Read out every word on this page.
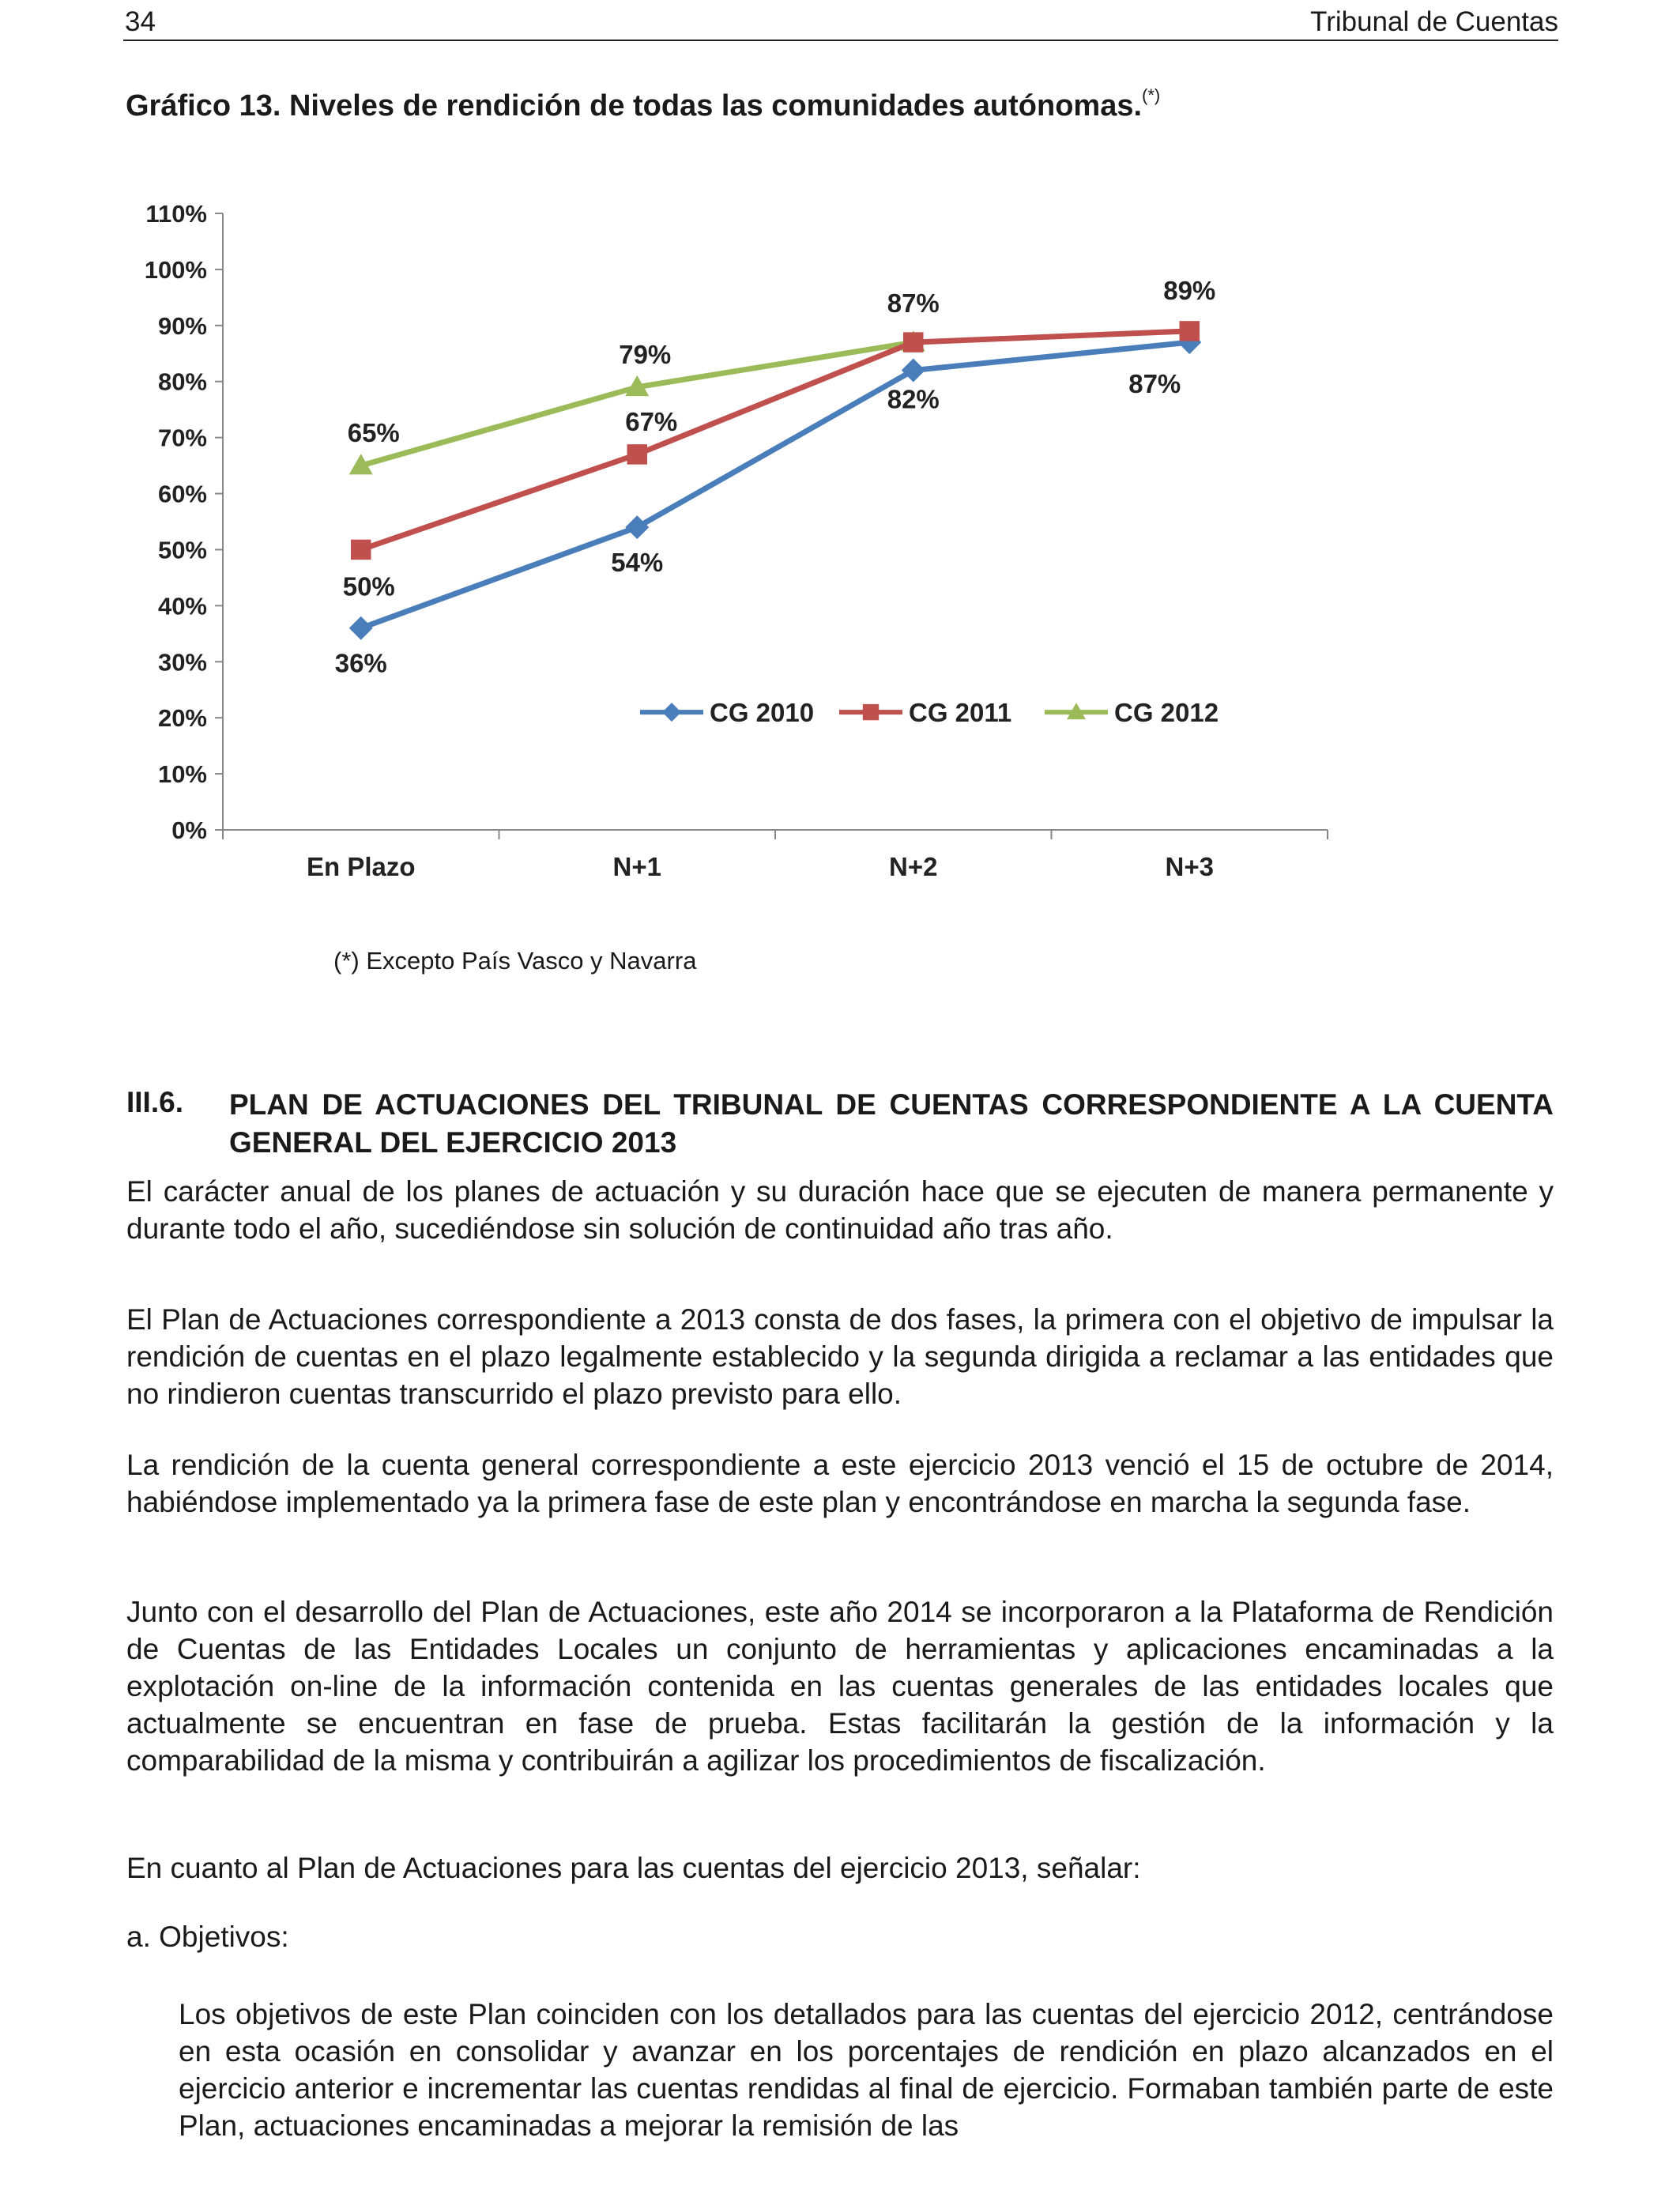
34	Tribunal de Cuentas
Gráfico 13. Niveles de rendición de todas las comunidades autónomas.(*)
0%
10%
20%
30%
40%
50%
60%
70%
80%
90%
100%
110%
En Plazo	N+1	N+2	N+3
36%
54%
82%
87%
50%
67%
87%	89%
65%
79%
CG 2010	CG 2011	CG 2012
(*) Excepto País Vasco y Navarra
III.6. PLAN DE ACTUACIONES DEL TRIBUNAL DE CUENTAS CORRESPONDIENTE A LA CUENTA GENERAL DEL EJERCICIO 2013

El carácter anual de los planes de actuación y su duración hace que se ejecuten de manera permanente y durante todo el año, sucediéndose sin solución de continuidad año tras año.

El Plan de Actuaciones correspondiente a 2013 consta de dos fases, la primera con el objetivo de impulsar la rendición de cuentas en el plazo legalmente establecido y la segunda dirigida a reclamar a las entidades que no rindieron cuentas transcurrido el plazo previsto para ello.

La rendición de la cuenta general correspondiente a este ejercicio 2013 venció el 15 de octubre de 2014, habiéndose implementado ya la primera fase de este plan y encontrándose en marcha la segunda fase.

Junto con el desarrollo del Plan de Actuaciones, este año 2014 se incorporaron a la Plataforma de Rendición de Cuentas de las Entidades Locales un conjunto de herramientas y aplicaciones encaminadas a la explotación on-line de la información contenida en las cuentas generales de las entidades locales que actualmente se encuentran en fase de prueba. Estas facilitarán la gestión de la información y la comparabilidad de la misma y contribuirán a agilizar los procedimientos de fiscalización.

En cuanto al Plan de Actuaciones para las cuentas del ejercicio 2013, señalar:

a. Objetivos:

Los objetivos de este Plan coinciden con los detallados para las cuentas del ejercicio 2012, centrándose en esta ocasión en consolidar y avanzar en los porcentajes de rendición en plazo alcanzados en el ejercicio anterior e incrementar las cuentas rendidas al final de ejercicio. Formaban también parte de este Plan, actuaciones encaminadas a mejorar la remisión de las
